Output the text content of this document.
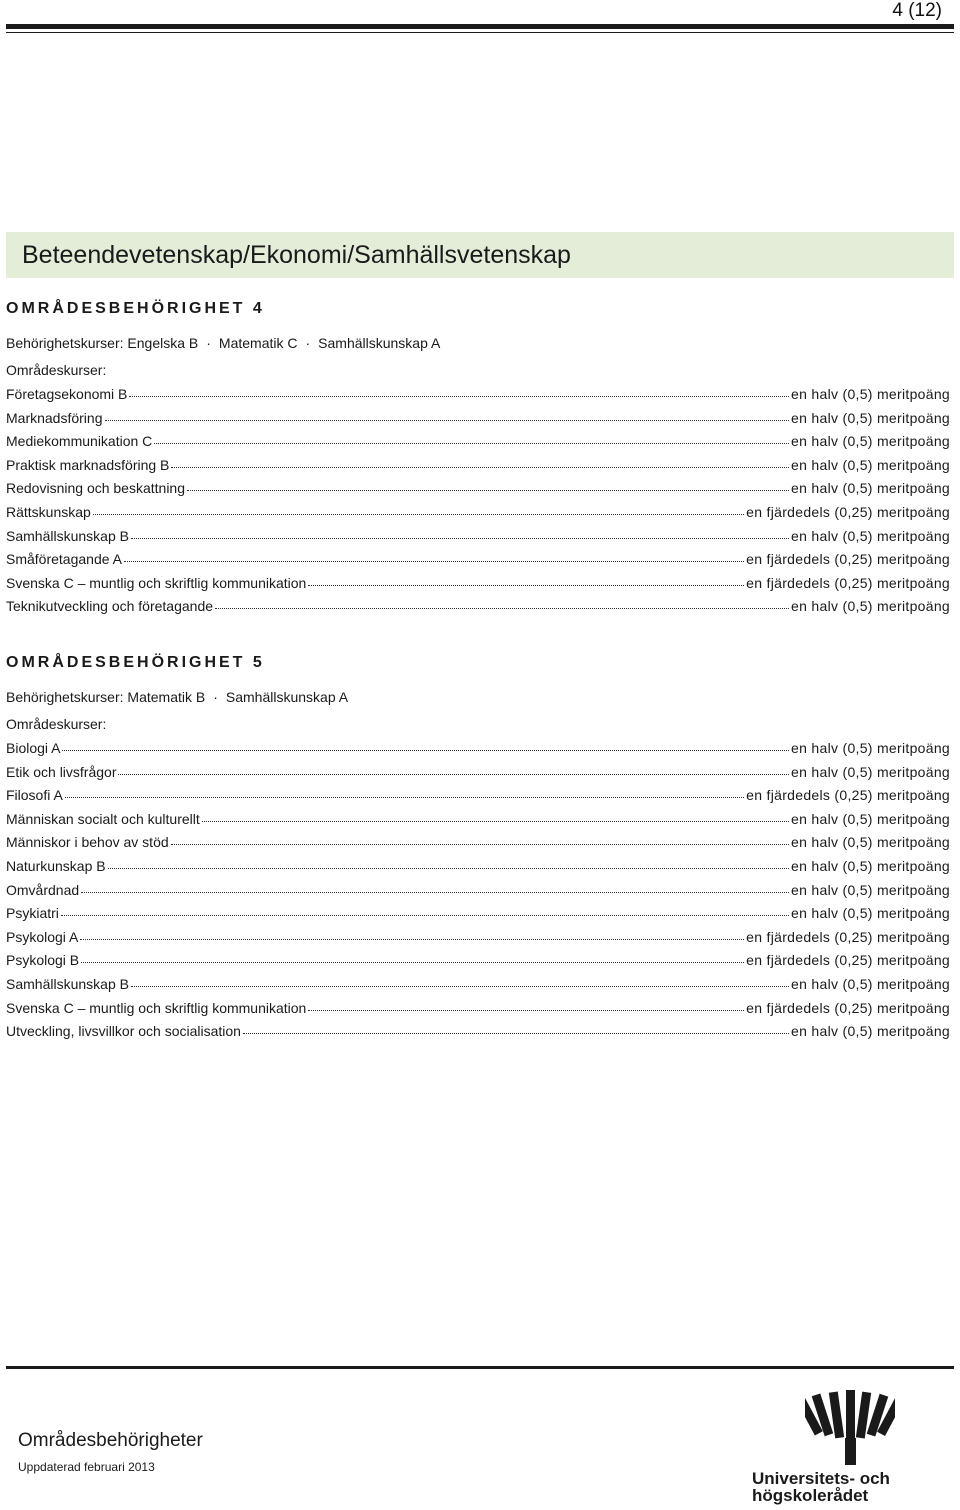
4 (12)
Beteendevetenskap/Ekonomi/Samhällsvetenskap
OMRÅDESBEHÖRIGHET 4
Behörighetskurser: Engelska B · Matematik C · Samhällskunskap A
Områdeskurser:
Företagsekonomi B	en halv (0,5) meritpoäng
Marknadsföring	en halv (0,5) meritpoäng
Mediekommunikation C	en halv (0,5) meritpoäng
Praktisk marknadsföring B	en halv (0,5) meritpoäng
Redovisning och beskattning	en halv (0,5) meritpoäng
Rättskunskap	en fjärdedels (0,25) meritpoäng
Samhällskunskap B	en halv (0,5) meritpoäng
Småföretagande A	en fjärdedels (0,25) meritpoäng
Svenska C – muntlig och skriftlig kommunikation	en fjärdedels (0,25) meritpoäng
Teknikutveckling och företagande	en halv (0,5) meritpoäng
OMRÅDESBEHÖRIGHET 5
Behörighetskurser: Matematik B · Samhällskunskap A
Områdeskurser:
Biologi A	en halv (0,5) meritpoäng
Etik och livsfrågor	en halv (0,5) meritpoäng
Filosofi A	en fjärdedels (0,25) meritpoäng
Människan socialt och kulturellt	en halv (0,5) meritpoäng
Människor i behov av stöd	en halv (0,5) meritpoäng
Naturkunskap B	en halv (0,5) meritpoäng
Omvårdnad	en halv (0,5) meritpoäng
Psykiatri	en halv (0,5) meritpoäng
Psykologi A	en fjärdedels (0,25) meritpoäng
Psykologi B	en fjärdedels (0,25) meritpoäng
Samhällskunskap B	en halv (0,5) meritpoäng
Svenska C – muntlig och skriftlig kommunikation	en fjärdedels (0,25) meritpoäng
Utveckling, livsvillkor och socialisation	en halv (0,5) meritpoäng
Områdesbehörigheter
Uppdaterad februari 2013
Universitets- och
högskolerådet
